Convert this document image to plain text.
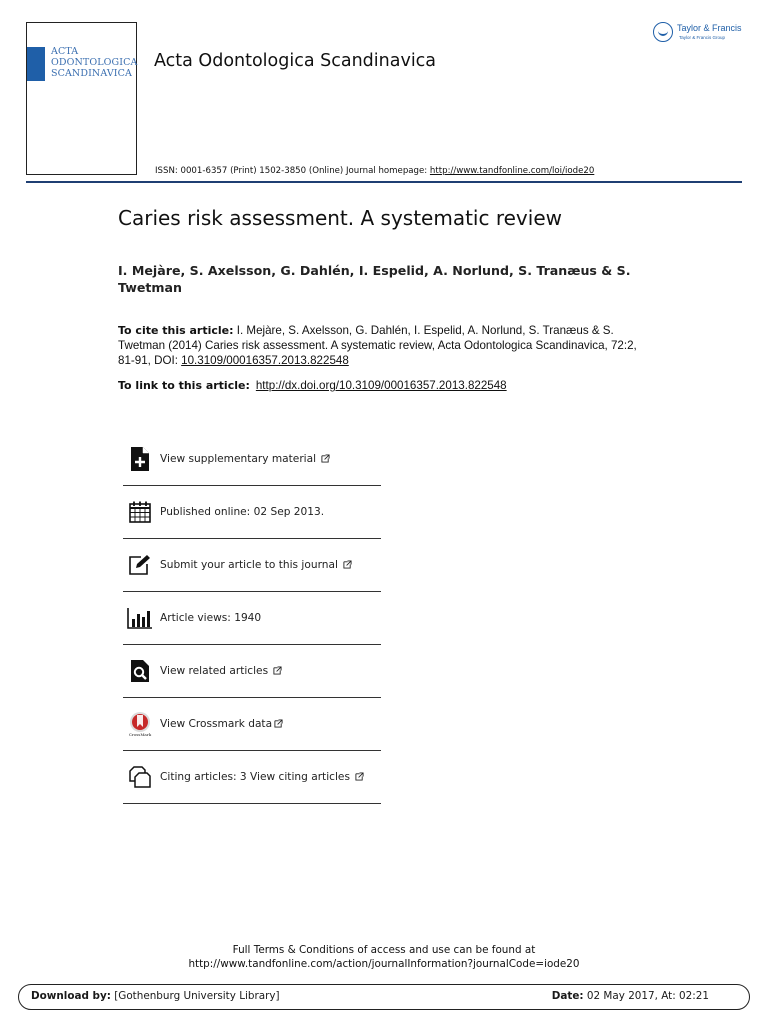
ACTA
ODONTOLOGICA
SCANDINAVICA
Acta Odontologica Scandinavica
Taylor & Francis
Taylor & Francis Group
ISSN: 0001-6357 (Print) 1502-3850 (Online) Journal homepage: http://www.tandfonline.com/loi/iode20
Caries risk assessment. A systematic review
I. Mejàre, S. Axelsson, G. Dahlén, I. Espelid, A. Norlund, S. Tranæus & S. Twetman
To cite this article: I. Mejàre, S. Axelsson, G. Dahlén, I. Espelid, A. Norlund, S. Tranæus & S. Twetman (2014) Caries risk assessment. A systematic review, Acta Odontologica Scandinavica, 72:2, 81-91, DOI: 10.3109/00016357.2013.822548
To link to this article: http://dx.doi.org/10.3109/00016357.2013.822548
View supplementary material
Published online: 02 Sep 2013.
Submit your article to this journal
Article views: 1940
View related articles
CrossMark
View Crossmark data
Citing articles: 3 View citing articles
Full Terms & Conditions of access and use can be found at
http://www.tandfonline.com/action/journalInformation?journalCode=iode20
Download by: [Gothenburg University Library]	Date: 02 May 2017, At: 02:21
